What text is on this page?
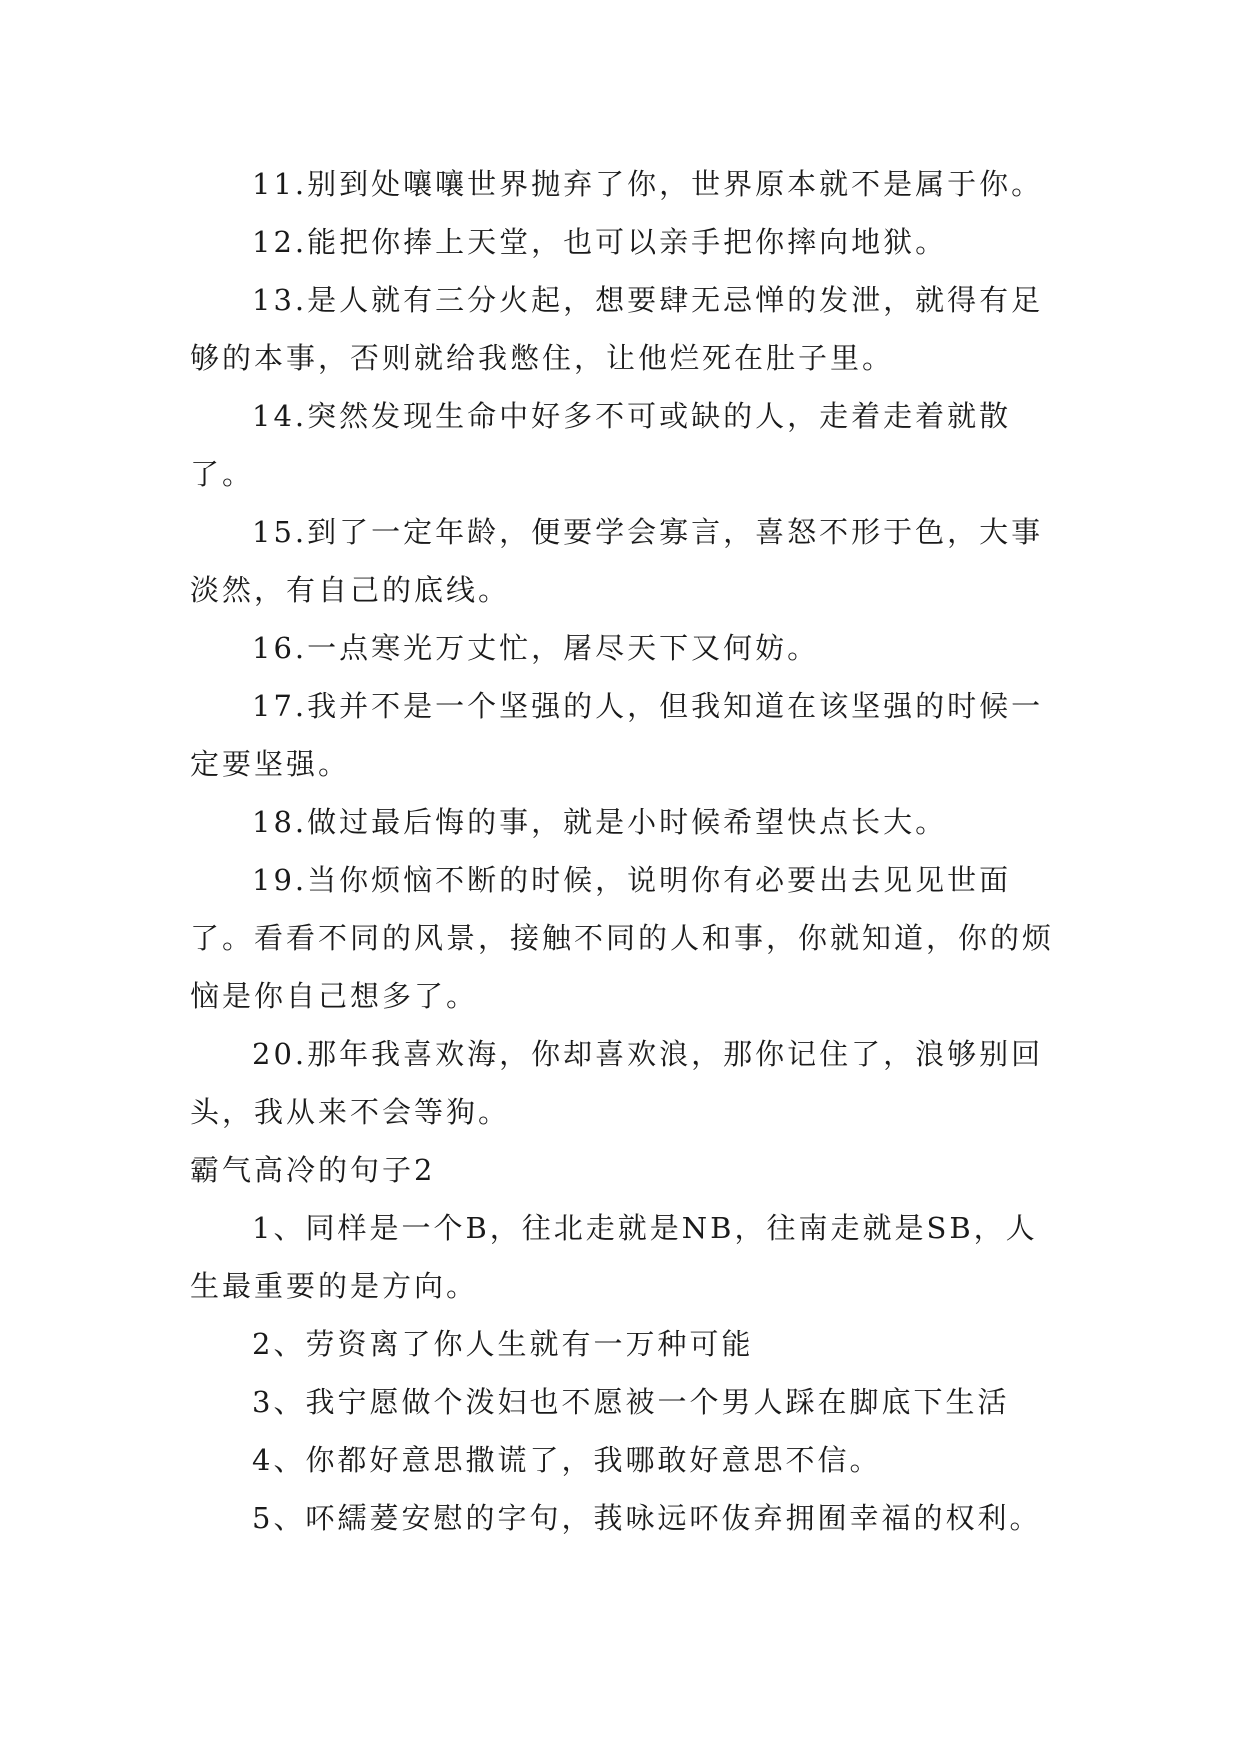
11.别到处嚷嚷世界抛弃了你，世界原本就不是属于你。

12.能把你捧上天堂，也可以亲手把你摔向地狱。

13.是人就有三分火起，想要肆无忌惮的发泄，就得有足够的本事，否则就给我憋住，让他烂死在肚子里。

14.突然发现生命中好多不可或缺的人，走着走着就散了。

15.到了一定年龄，便要学会寡言，喜怒不形于色，大事淡然，有自己的底线。

16.一点寒光万丈忙，屠尽天下又何妨。

17.我并不是一个坚强的人，但我知道在该坚强的时候一定要坚强。

18.做过最后悔的事，就是小时候希望快点长大。

19.当你烦恼不断的时候，说明你有必要出去见见世面了。看看不同的风景，接触不同的人和事，你就知道，你的烦恼是你自己想多了。

20.那年我喜欢海，你却喜欢浪，那你记住了，浪够别回头，我从来不会等狗。

霸气高冷的句子2

1、同样是一个B，往北走就是NB，往南走就是SB，人生最重要的是方向。

2、劳资离了你人生就有一万种可能

3、我宁愿做个泼妇也不愿被一个男人踩在脚底下生活

4、你都好意思撒谎了，我哪敢好意思不信。

5、吥繻萲安慰的字句，莪咏远吥伖弃拥囿幸福的权利。
